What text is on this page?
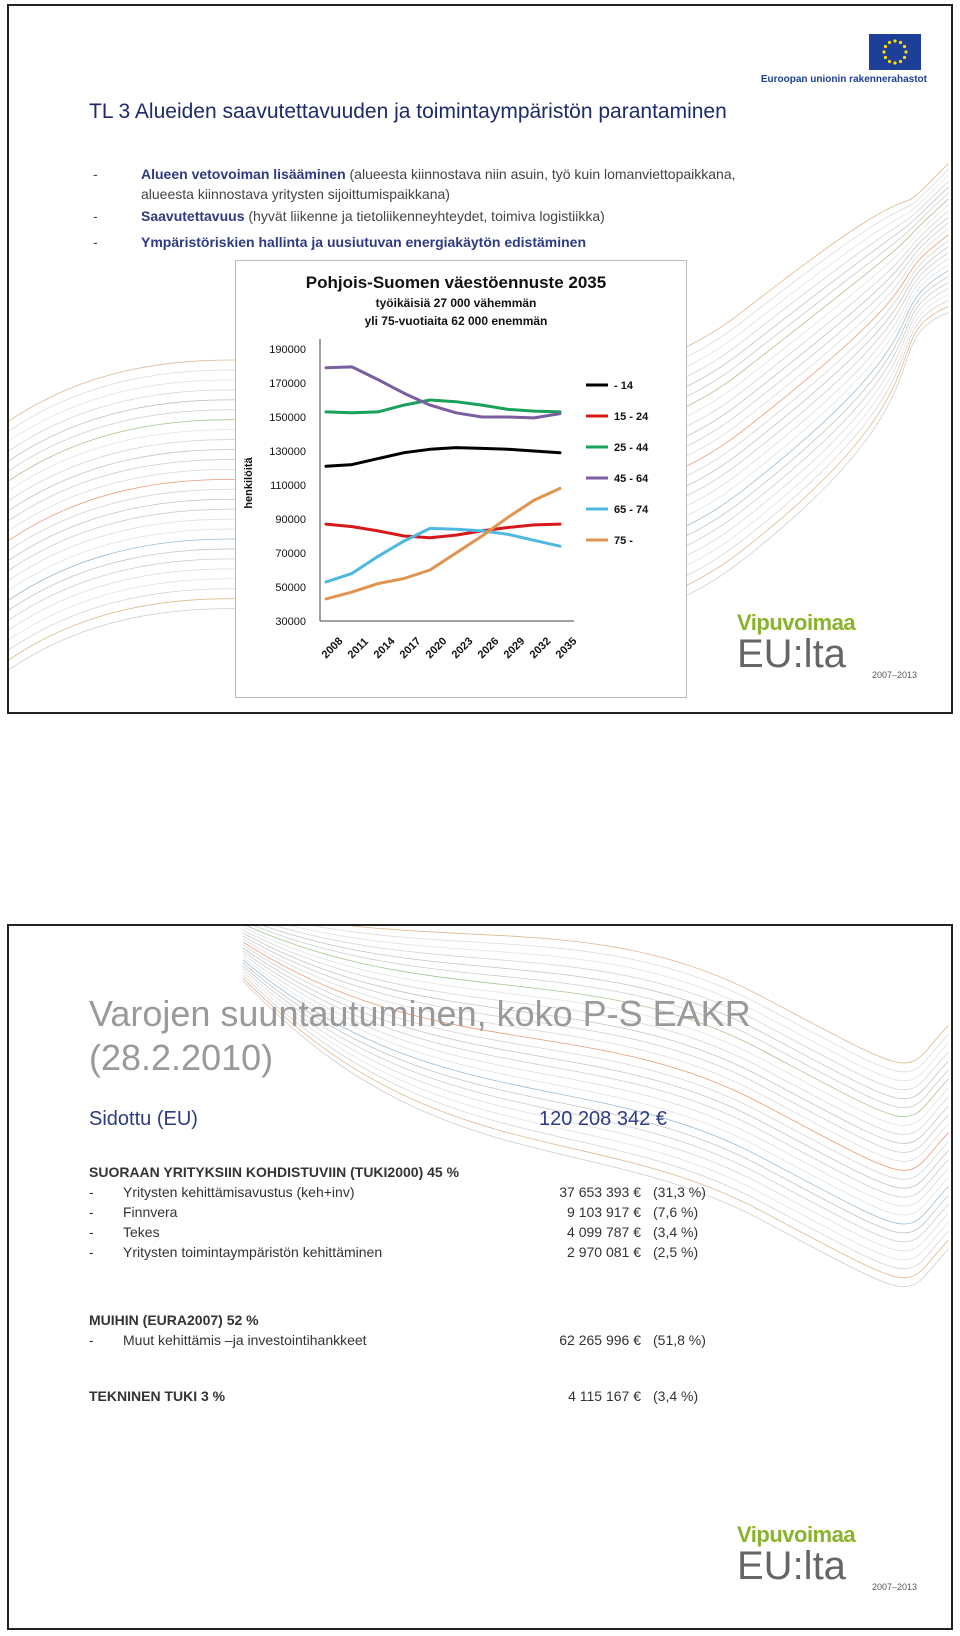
Euroopan unionin rakennerahastot
TL 3 Alueiden saavutettavuuden ja toimintaympäristön parantaminen
-	Alueen vetovoiman lisääminen (alueesta kiinnostava niin asuin, työ kuin lomanviettopaikkana, alueesta kiinnostava yritysten sijoittumispaikkana)
-	Saavutettavuus (hyvät liikenne ja tietoliikenneyhteydet, toimiva logistiikka)
-	Ympäristöriskien hallinta ja uusiutuvan energiakäytön edistäminen
Pohjois-Suomen väestöennuste 2035
työikäisiä 27 000 vähemmän
yli 75-vuotiaita 62 000 enemmän
henkilöitä
190000
170000
150000
130000
110000
90000
70000
50000
30000
2008 2011 2014 2017 2020 2023 2026 2029 2032 2035
- 14
15 - 24
25 - 44
45 - 64
65 - 74
75 -
Vipuvoimaa
EU:lta	2007–2013
Varojen suuntautuminen, koko P-S EAKR (28.2.2010)
Sidottu (EU)	120 208 342 €
SUORAAN YRITYKSIIN KOHDISTUVIIN (TUKI2000) 45 %
- Yritysten kehittämisavustus (keh+inv)	37 653 393 € (31,3 %)
- Finnvera	9 103 917 € (7,6 %)
- Tekes	4 099 787 € (3,4 %)
- Yritysten toimintaympäristön kehittäminen	2 970 081 € (2,5 %)
MUIHIN (EURA2007) 52 %
- Muut kehittämis –ja investointihankkeet	62 265 996 € (51,8 %)
TEKNINEN TUKI 3 %	4 115 167 € (3,4 %)
Vipuvoimaa
EU:lta	2007–2013
